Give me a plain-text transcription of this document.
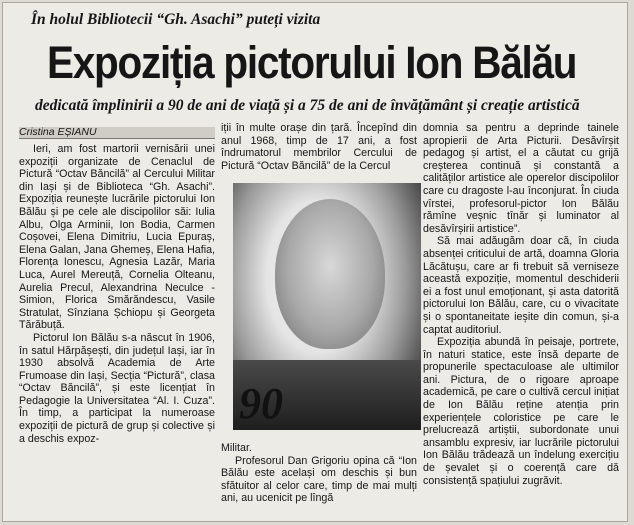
În holul Bibliotecii “Gh. Asachi” puteți vizita
Expoziția pictorului Ion Bălău
dedicată împlinirii a 90 de ani de viață și a 75 de ani de învățământ și creație artistică
Cristina EȘIANU

Ieri, am fost martorii vernisării unei expoziții organizate de Cenaclul de Pictură “Octav Băncilă” al Cercului Militar din Iași și de Biblioteca “Gh. Asachi”. Expoziția reunește lucrările pictorului Ion Bălău și pe cele ale discipolilor săi: Iulia Albu, Olga Arminii, Ion Bodia, Carmen Coșovei, Elena Dimitriu, Lucia Epuraș, Elena Galan, Jana Ghemeș, Elena Hafia, Florența Ionescu, Agnesia Lazăr, Maria Luca, Aurel Mereuță, Cornelia Olteanu, Aurelia Precul, Alexandrina Neculce - Simion, Florica Smărăndescu, Vasile Stratulat, Sînziana Șchiopu și Georgeta Tărăbuță.

Pictorul Ion Bălău s-a născut în 1906, în satul Hărpășești, din județul Iași, iar în 1930 absolvă Academia de Arte Frumoase din Iași, Secția “Pictură”, clasa “Octav Băncilă”, și este licențiat în Pedagogie la Universitatea “Al. I. Cuza”. În timp, a participat la numeroase expoziții de pictură de grup și colective și a deschis expoz-

iții în multe orașe din țară. Începînd din anul 1968, timp de 17 ani, a fost îndrumatorul membrilor Cercului de Pictură “Octav Băncilă” de la Cercul

90

Militar.

Profesorul Dan Grigoriu opina că “Ion Bălău este același om deschis și bun sfătuitor al celor care, timp de mai mulți ani, au ucenicit pe lîngă

domnia sa pentru a deprinde tainele apropierii de Arta Picturii. Desăvîrșit pedagog și artist, el a căutat cu grijă creșterea continuă și constantă a calităților artistice ale operelor discipolilor care cu dragoste l-au înconjurat. În ciuda vîrstei, profesorul-pictor Ion Bălău rămîne veșnic tînăr și luminator al desăvîrșirii artistice”.

Să mai adăugăm doar că, în ciuda absenței criticului de artă, doamna Gloria Lăcătușu, care ar fi trebuit să verniseze această expoziție, momentul deschiderii ei a fost unul emoționant, și asta datorită pictorului Ion Bălău, care, cu o vivacitate și o spontaneitate ieșite din comun, și-a captat auditoriul.

Expoziția abundă în peisaje, portrete, în naturi statice, este însă departe de propunerile spectaculoase ale ultimilor ani. Pictura, de o rigoare aproape academică, pe care o cultivă cercul inițiat de Ion Bălău reține atenția prin experiențele coloristice pe care le prelucrează artiștii, subordonate unui ansamblu expresiv, iar lucrările pictorului Ion Bălău trădează un îndelung exercițiu de șevalet și o coerență care dă consistență spațiului zugrăvit.
